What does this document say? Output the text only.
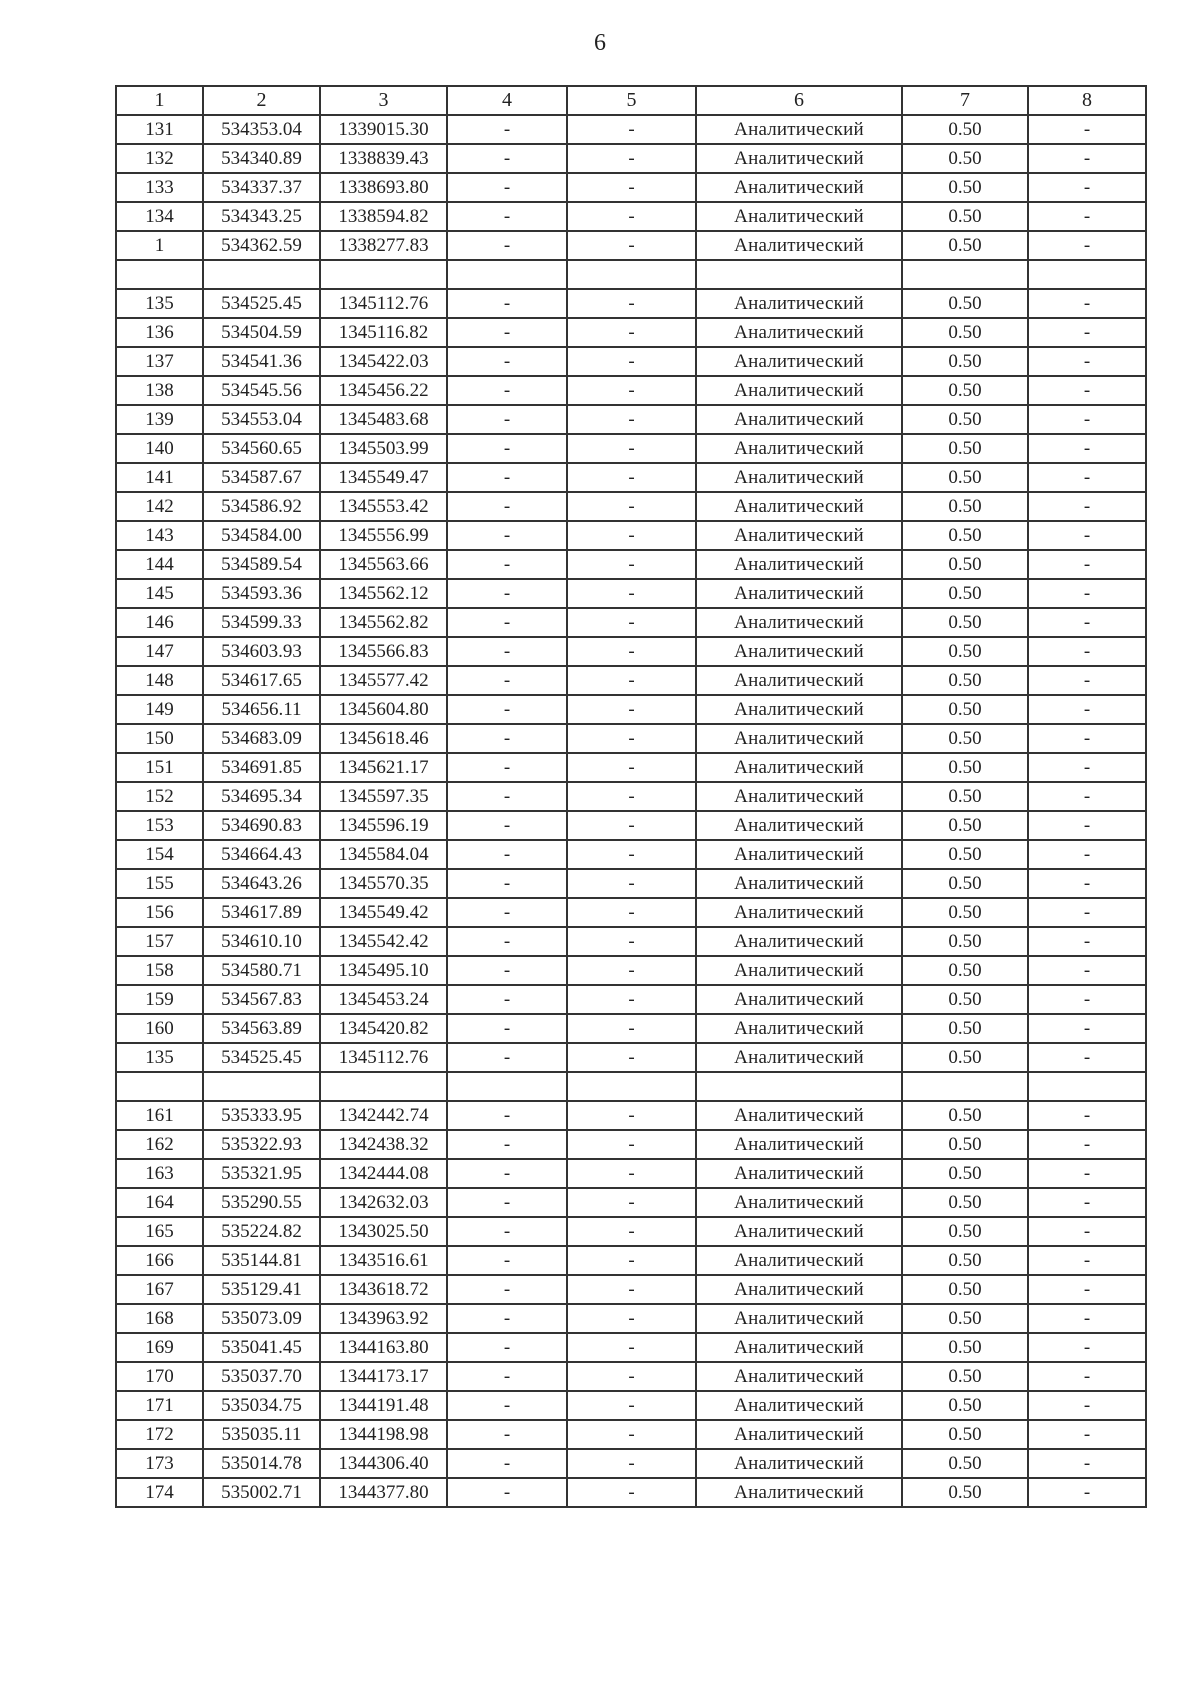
6
1	2	3	4	5	6	7	8
131	534353.04	1339015.30	-	-	Аналитический	0.50	-
132	534340.89	1338839.43	-	-	Аналитический	0.50	-
133	534337.37	1338693.80	-	-	Аналитический	0.50	-
134	534343.25	1338594.82	-	-	Аналитический	0.50	-
1	534362.59	1338277.83	-	-	Аналитический	0.50	-

135	534525.45	1345112.76	-	-	Аналитический	0.50	-
136	534504.59	1345116.82	-	-	Аналитический	0.50	-
137	534541.36	1345422.03	-	-	Аналитический	0.50	-
138	534545.56	1345456.22	-	-	Аналитический	0.50	-
139	534553.04	1345483.68	-	-	Аналитический	0.50	-
140	534560.65	1345503.99	-	-	Аналитический	0.50	-
141	534587.67	1345549.47	-	-	Аналитический	0.50	-
142	534586.92	1345553.42	-	-	Аналитический	0.50	-
143	534584.00	1345556.99	-	-	Аналитический	0.50	-
144	534589.54	1345563.66	-	-	Аналитический	0.50	-
145	534593.36	1345562.12	-	-	Аналитический	0.50	-
146	534599.33	1345562.82	-	-	Аналитический	0.50	-
147	534603.93	1345566.83	-	-	Аналитический	0.50	-
148	534617.65	1345577.42	-	-	Аналитический	0.50	-
149	534656.11	1345604.80	-	-	Аналитический	0.50	-
150	534683.09	1345618.46	-	-	Аналитический	0.50	-
151	534691.85	1345621.17	-	-	Аналитический	0.50	-
152	534695.34	1345597.35	-	-	Аналитический	0.50	-
153	534690.83	1345596.19	-	-	Аналитический	0.50	-
154	534664.43	1345584.04	-	-	Аналитический	0.50	-
155	534643.26	1345570.35	-	-	Аналитический	0.50	-
156	534617.89	1345549.42	-	-	Аналитический	0.50	-
157	534610.10	1345542.42	-	-	Аналитический	0.50	-
158	534580.71	1345495.10	-	-	Аналитический	0.50	-
159	534567.83	1345453.24	-	-	Аналитический	0.50	-
160	534563.89	1345420.82	-	-	Аналитический	0.50	-
135	534525.45	1345112.76	-	-	Аналитический	0.50	-

161	535333.95	1342442.74	-	-	Аналитический	0.50	-
162	535322.93	1342438.32	-	-	Аналитический	0.50	-
163	535321.95	1342444.08	-	-	Аналитический	0.50	-
164	535290.55	1342632.03	-	-	Аналитический	0.50	-
165	535224.82	1343025.50	-	-	Аналитический	0.50	-
166	535144.81	1343516.61	-	-	Аналитический	0.50	-
167	535129.41	1343618.72	-	-	Аналитический	0.50	-
168	535073.09	1343963.92	-	-	Аналитический	0.50	-
169	535041.45	1344163.80	-	-	Аналитический	0.50	-
170	535037.70	1344173.17	-	-	Аналитический	0.50	-
171	535034.75	1344191.48	-	-	Аналитический	0.50	-
172	535035.11	1344198.98	-	-	Аналитический	0.50	-
173	535014.78	1344306.40	-	-	Аналитический	0.50	-
174	535002.71	1344377.80	-	-	Аналитический	0.50	-
